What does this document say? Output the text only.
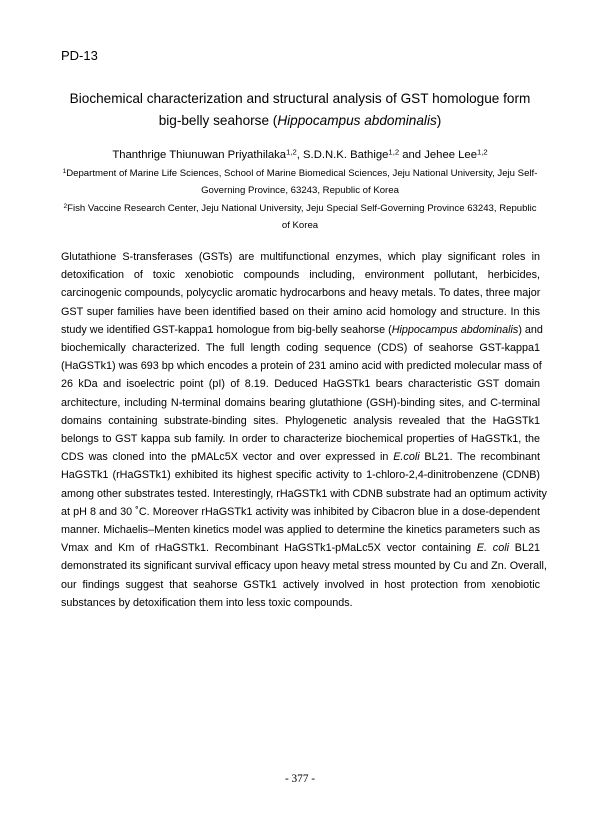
PD-13
Biochemical characterization and structural analysis of GST homologue form big-belly seahorse (Hippocampus abdominalis)
Thanthrige Thiunuwan Priyathilaka$^{1,2}$, S.D.N.K. Bathige$^{1,2}$ and Jehee Lee$^{1,2}$
$^1$Department of Marine Life Sciences, School of Marine Biomedical Sciences, Jeju National University, Jeju Self-Governing Province, 63243, Republic of Korea
$^2$Fish Vaccine Research Center, Jeju National University, Jeju Special Self-Governing Province 63243, Republic of Korea

Glutathione S-transferases (GSTs) are multifunctional enzymes, which play significant roles in
detoxification of toxic xenobiotic compounds including, environment pollutant, herbicides,
carcinogenic compounds, polycyclic aromatic hydrocarbons and heavy metals. To dates, three major
GST super families have been identified based on their amino acid homology and structure. In this
study we identified GST-kappa1 homologue from big-belly seahorse (Hippocampus abdominalis) and
biochemically characterized. The full length coding sequence (CDS) of seahorse GST-kappa1
(HaGSTk1) was 693 bp which encodes a protein of 231 amino acid with predicted molecular mass of
26 kDa and isoelectric point (pI) of 8.19. Deduced HaGSTk1 bears characteristic GST domain
architecture, including N-terminal domains bearing glutathione (GSH)-binding sites, and C-terminal
domains containing substrate-binding sites. Phylogenetic analysis revealed that the HaGSTk1
belongs to GST kappa sub family. In order to characterize biochemical properties of HaGSTk1, the
CDS was cloned into the pMALc5X vector and over expressed in E.coli BL21. The recombinant
HaGSTk1 (rHaGSTk1) exhibited its highest specific activity to 1-chloro-2,4-dinitrobenzene (CDNB)
among other substrates tested. Interestingly, rHaGSTk1 with CDNB substrate had an optimum activity
at pH 8 and 30 ˚C. Moreover rHaGSTk1 activity was inhibited by Cibacron blue in a dose-dependent
manner. Michaelis–Menten kinetics model was applied to determine the kinetics parameters such as
Vmax and Km of rHaGSTk1. Recombinant HaGSTk1-pMaLc5X vector containing E. coli BL21
demonstrated its significant survival efficacy upon heavy metal stress mounted by Cu and Zn. Overall,
our findings suggest that seahorse GSTk1 actively involved in host protection from xenobiotic
substances by detoxification them into less toxic compounds.

- 377 -
